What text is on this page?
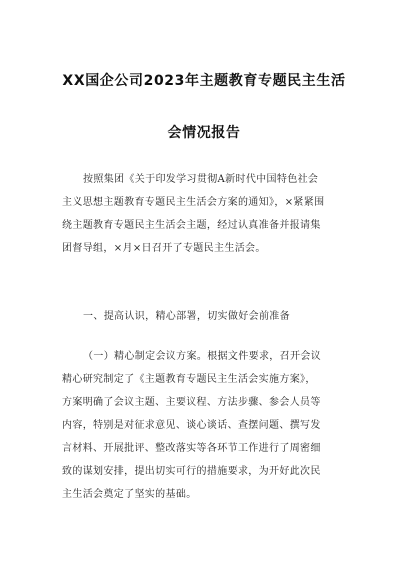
XX国企公司2023年主题教育专题民主生活
会情况报告
按照集团《关于印发学习贯彻A新时代中国特色社会
主义思想主题教育专题民主生活会方案的通知》，×紧紧围
绕主题教育专题民主生活会主题，经过认真准备并报请集
团督导组，×月×日召开了专题民主生活会。
一、提高认识，精心部署，切实做好会前准备
（一）精心制定会议方案。根据文件要求，召开会议
精心研究制定了《主题教育专题民主生活会实施方案》，
方案明确了会议主题、主要议程、方法步骤、参会人员等
内容，特别是对征求意见、谈心谈话、查摆问题、撰写发
言材料、开展批评、整改落实等各环节工作进行了周密细
致的谋划安排，提出切实可行的措施要求，为开好此次民
主生活会奠定了坚实的基础。
